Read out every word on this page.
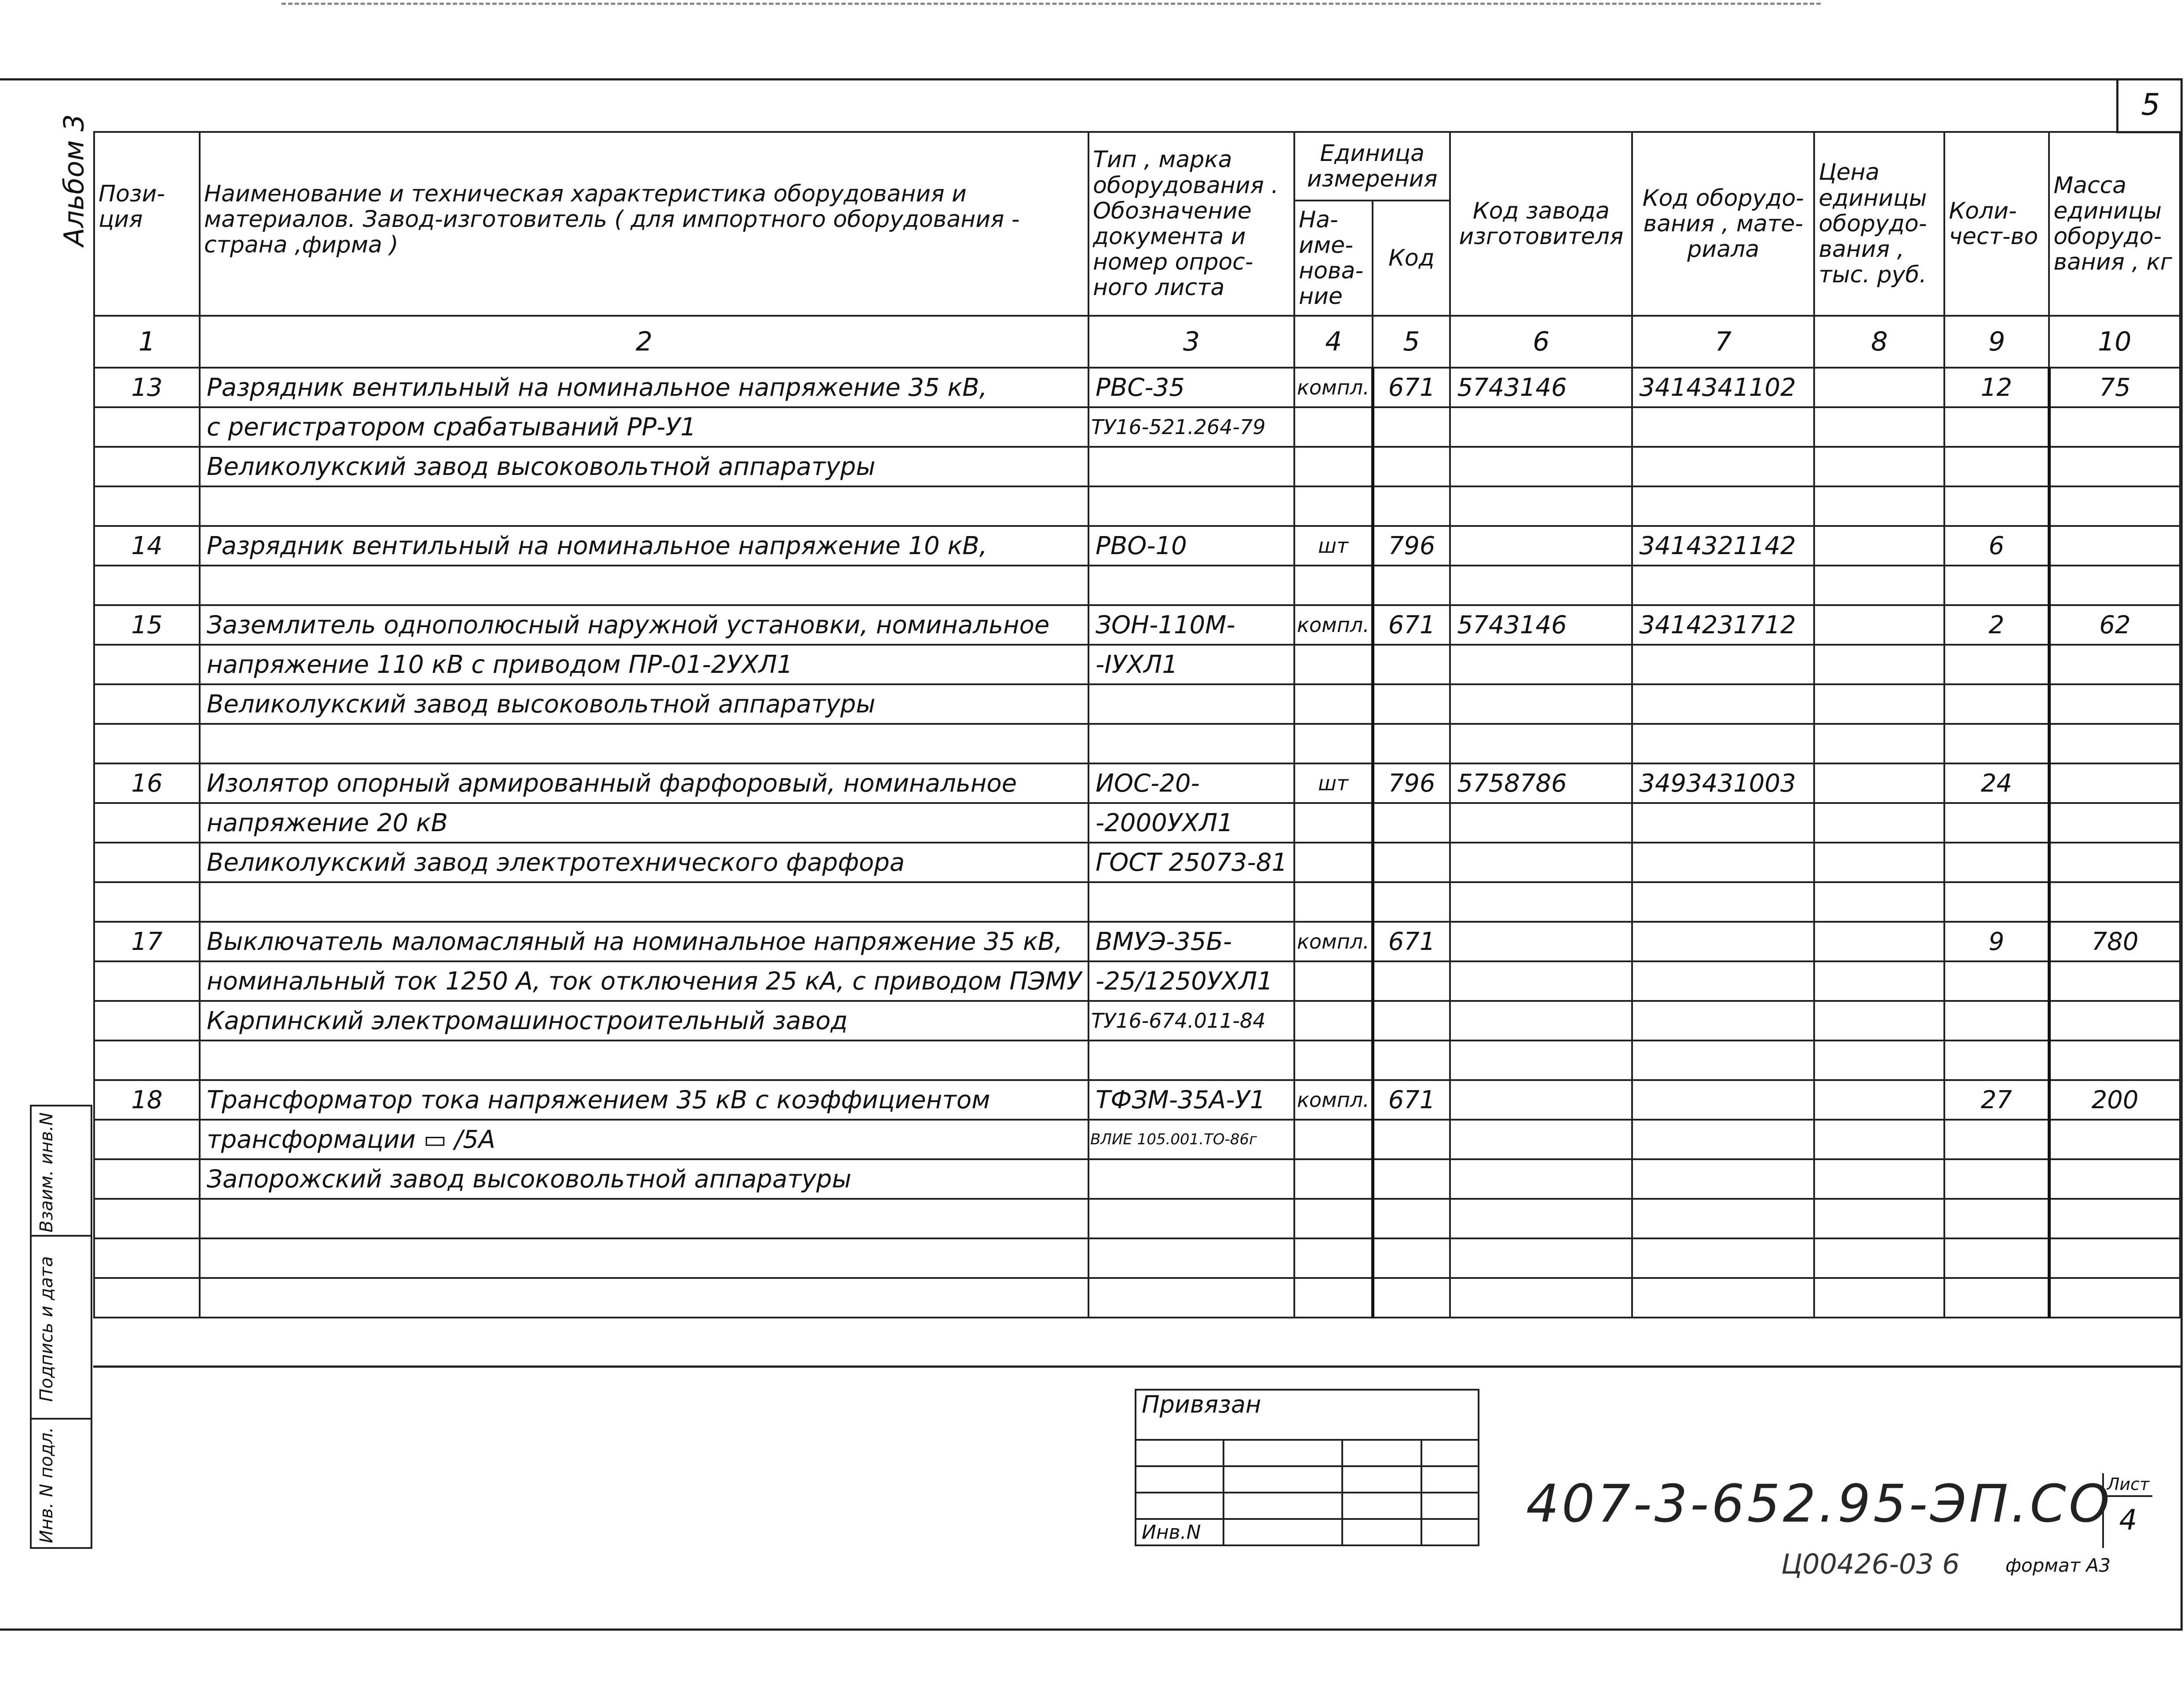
5
Альбом 3 Пози-ция	Наименование и техническая характеристика оборудования и материалов. Завод-изготовитель ( для импортного оборудования - страна ,фирма )	Тип , марка оборудования . Обозначение документа и номер опрос-ного листа	Единица измерения		Код завода изготовителя	Код оборудо-вания , мате-риала	Цена единицы оборудо-вания , тыс. руб.	Коли-чест-во	Масса единицы оборудо-вания , кг
			На-име-нова-ние	Код					
1	2	3	4	5	6	7	8	9	10
13	Разрядник вентильный на номинальное напряжение 35 кВ,	РВС-35	компл.	671	5743146	3414341102		12	75
	с регистратором срабатываний РР-У1	ТУ16-521.264-79							
	Великолукский завод высоковольтной аппаратуры								

14	Разрядник вентильный на номинальное напряжение 10 кВ,	РВО-10	шт	796		3414321142		6	

15	Заземлитель однополюсный наружной установки, номинальное	ЗОН-110М-	компл.	671	5743146	3414231712		2	62
	напряжение 110 кВ с приводом ПР-01-2УХЛ1	-IУХЛ1							
	Великолукский завод высоковольтной аппаратуры								

16	Изолятор опорный армированный фарфоровый, номинальное	ИОС-20-	шт	796	5758786	3493431003		24	
	напряжение 20 кВ	-2000УХЛ1							
	Великолукский завод электротехнического фарфора	ГОСТ 25073-81							

17	Выключатель маломасляный на номинальное напряжение 35 кВ,	ВМУЭ-35Б-	компл.	671				9	780
	номинальный ток 1250 А, ток отключения 25 кА, с приводом ПЭМУ	-25/1250УХЛ1							
	Карпинский электромашиностроительный завод	ТУ16-674.011-84							

18	Трансформатор тока напряжением 35 кВ с коэффициентом	ТФЗМ-35А-У1	компл.	671				27	200
	трансформации ▭ /5А	ВЛИЕ 105.001.ТО-86г							
	Запорожский завод высоковольтной аппаратуры								

Взаим. инв.N
Подпись и дата
Инв. N подл.
Привязан			

Инв.N				407-3-652.95-ЭП.СО
Лист
4
Ц00426-03 6 формат А3
